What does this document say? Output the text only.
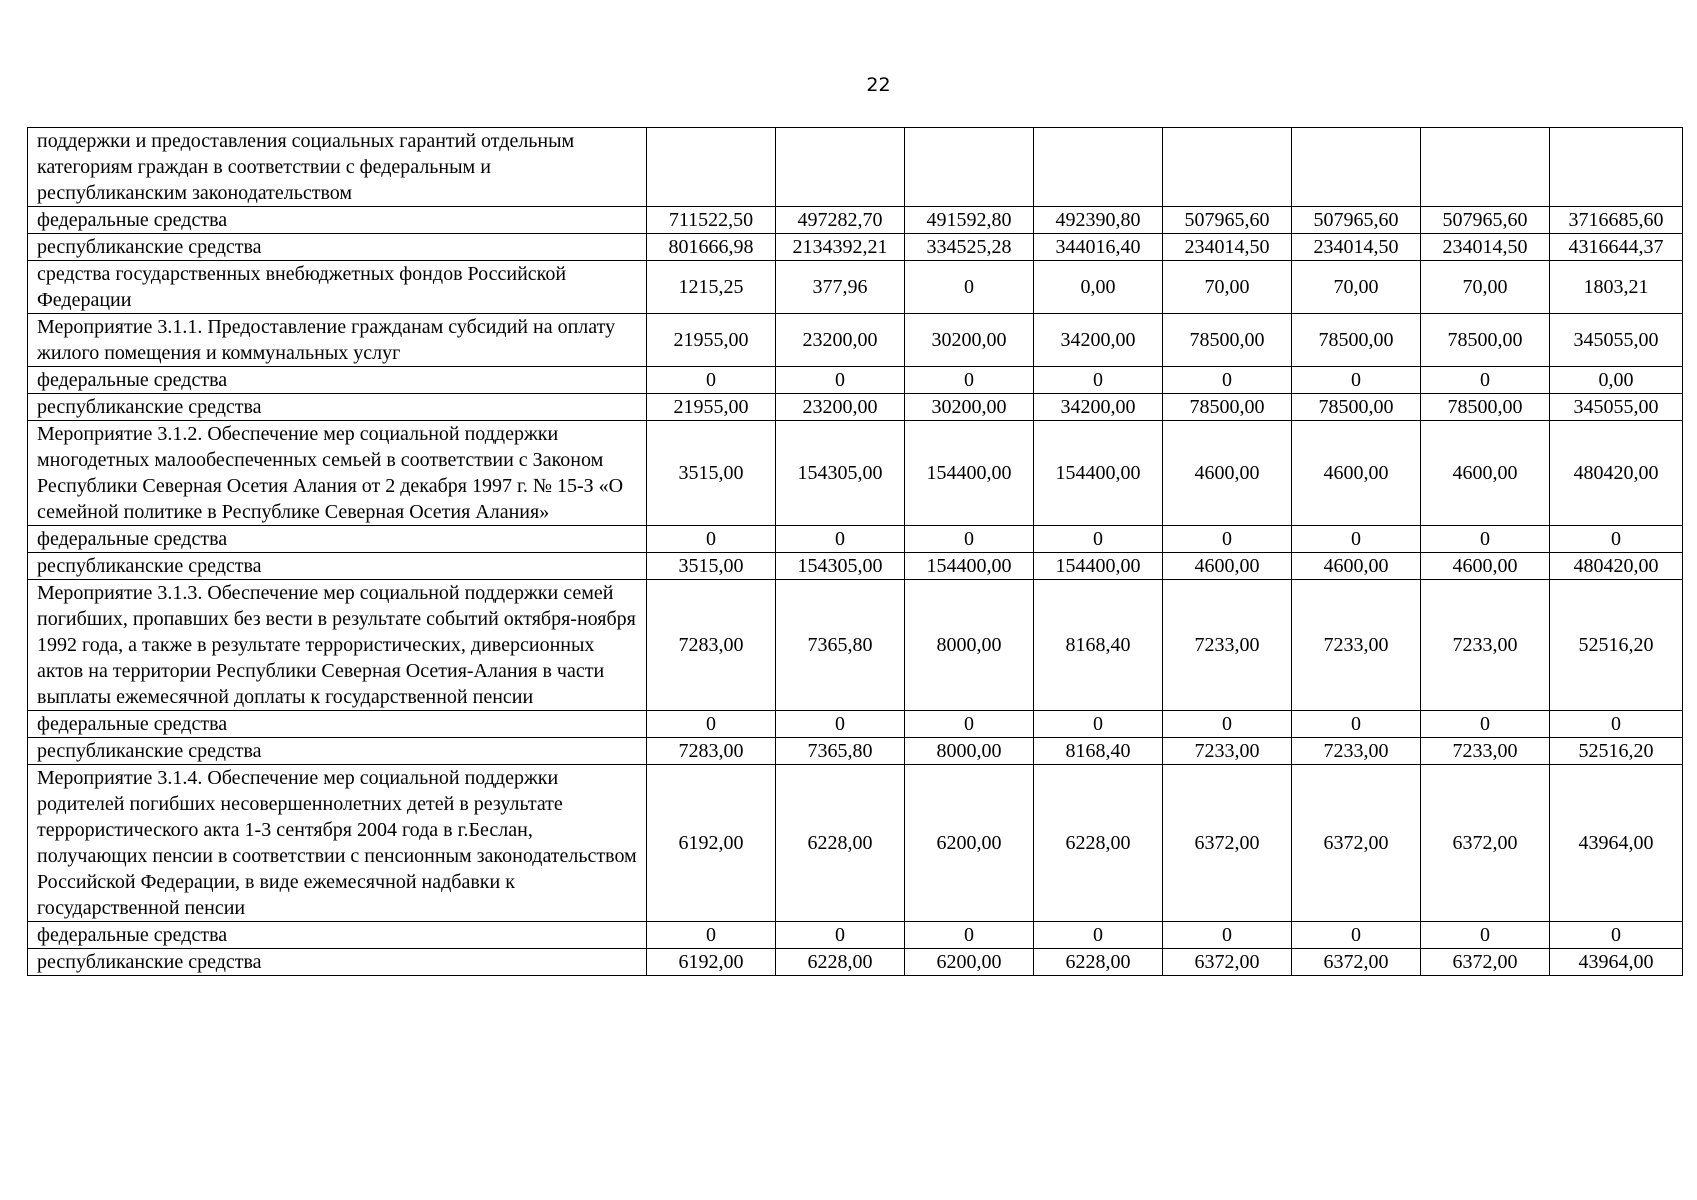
22
поддержки и предоставления социальных гарантий отдельным категориям граждан в соответствии с федеральным и республиканским законодательством								
федеральные средства	711522,50	497282,70	491592,80	492390,80	507965,60	507965,60	507965,60	3716685,60
республиканские средства	801666,98	2134392,21	334525,28	344016,40	234014,50	234014,50	234014,50	4316644,37
средства государственных внебюджетных фондов Российской Федерации	1215,25	377,96	0	0,00	70,00	70,00	70,00	1803,21
Мероприятие 3.1.1. Предоставление гражданам субсидий на оплату жилого помещения и коммунальных услуг	21955,00	23200,00	30200,00	34200,00	78500,00	78500,00	78500,00	345055,00
федеральные средства	0	0	0	0	0	0	0	0,00
республиканские средства	21955,00	23200,00	30200,00	34200,00	78500,00	78500,00	78500,00	345055,00
Мероприятие 3.1.2. Обеспечение мер социальной поддержки многодетных малообеспеченных семьей в соответствии с Законом Республики Северная Осетия Алания от 2 декабря 1997 г. № 15-З «О семейной политике в Республике Северная Осетия Алания»	3515,00	154305,00	154400,00	154400,00	4600,00	4600,00	4600,00	480420,00
федеральные средства	0	0	0	0	0	0	0	0
республиканские средства	3515,00	154305,00	154400,00	154400,00	4600,00	4600,00	4600,00	480420,00
Мероприятие 3.1.3. Обеспечение мер социальной поддержки семей погибших, пропавших без вести в результате событий октября-ноября 1992 года, а также в результате террористических, диверсионных актов на территории Республики Северная Осетия-Алания в части выплаты ежемесячной доплаты к государственной пенсии	7283,00	7365,80	8000,00	8168,40	7233,00	7233,00	7233,00	52516,20
федеральные средства	0	0	0	0	0	0	0	0
республиканские средства	7283,00	7365,80	8000,00	8168,40	7233,00	7233,00	7233,00	52516,20
Мероприятие 3.1.4. Обеспечение мер социальной поддержки родителей погибших несовершеннолетних детей в результате террористического акта 1-3 сентября 2004 года в г.Беслан, получающих пенсии в соответствии с пенсионным законодательством Российской Федерации, в виде ежемесячной надбавки к государственной пенсии	6192,00	6228,00	6200,00	6228,00	6372,00	6372,00	6372,00	43964,00
федеральные средства	0	0	0	0	0	0	0	0
республиканские средства	6192,00	6228,00	6200,00	6228,00	6372,00	6372,00	6372,00	43964,00
